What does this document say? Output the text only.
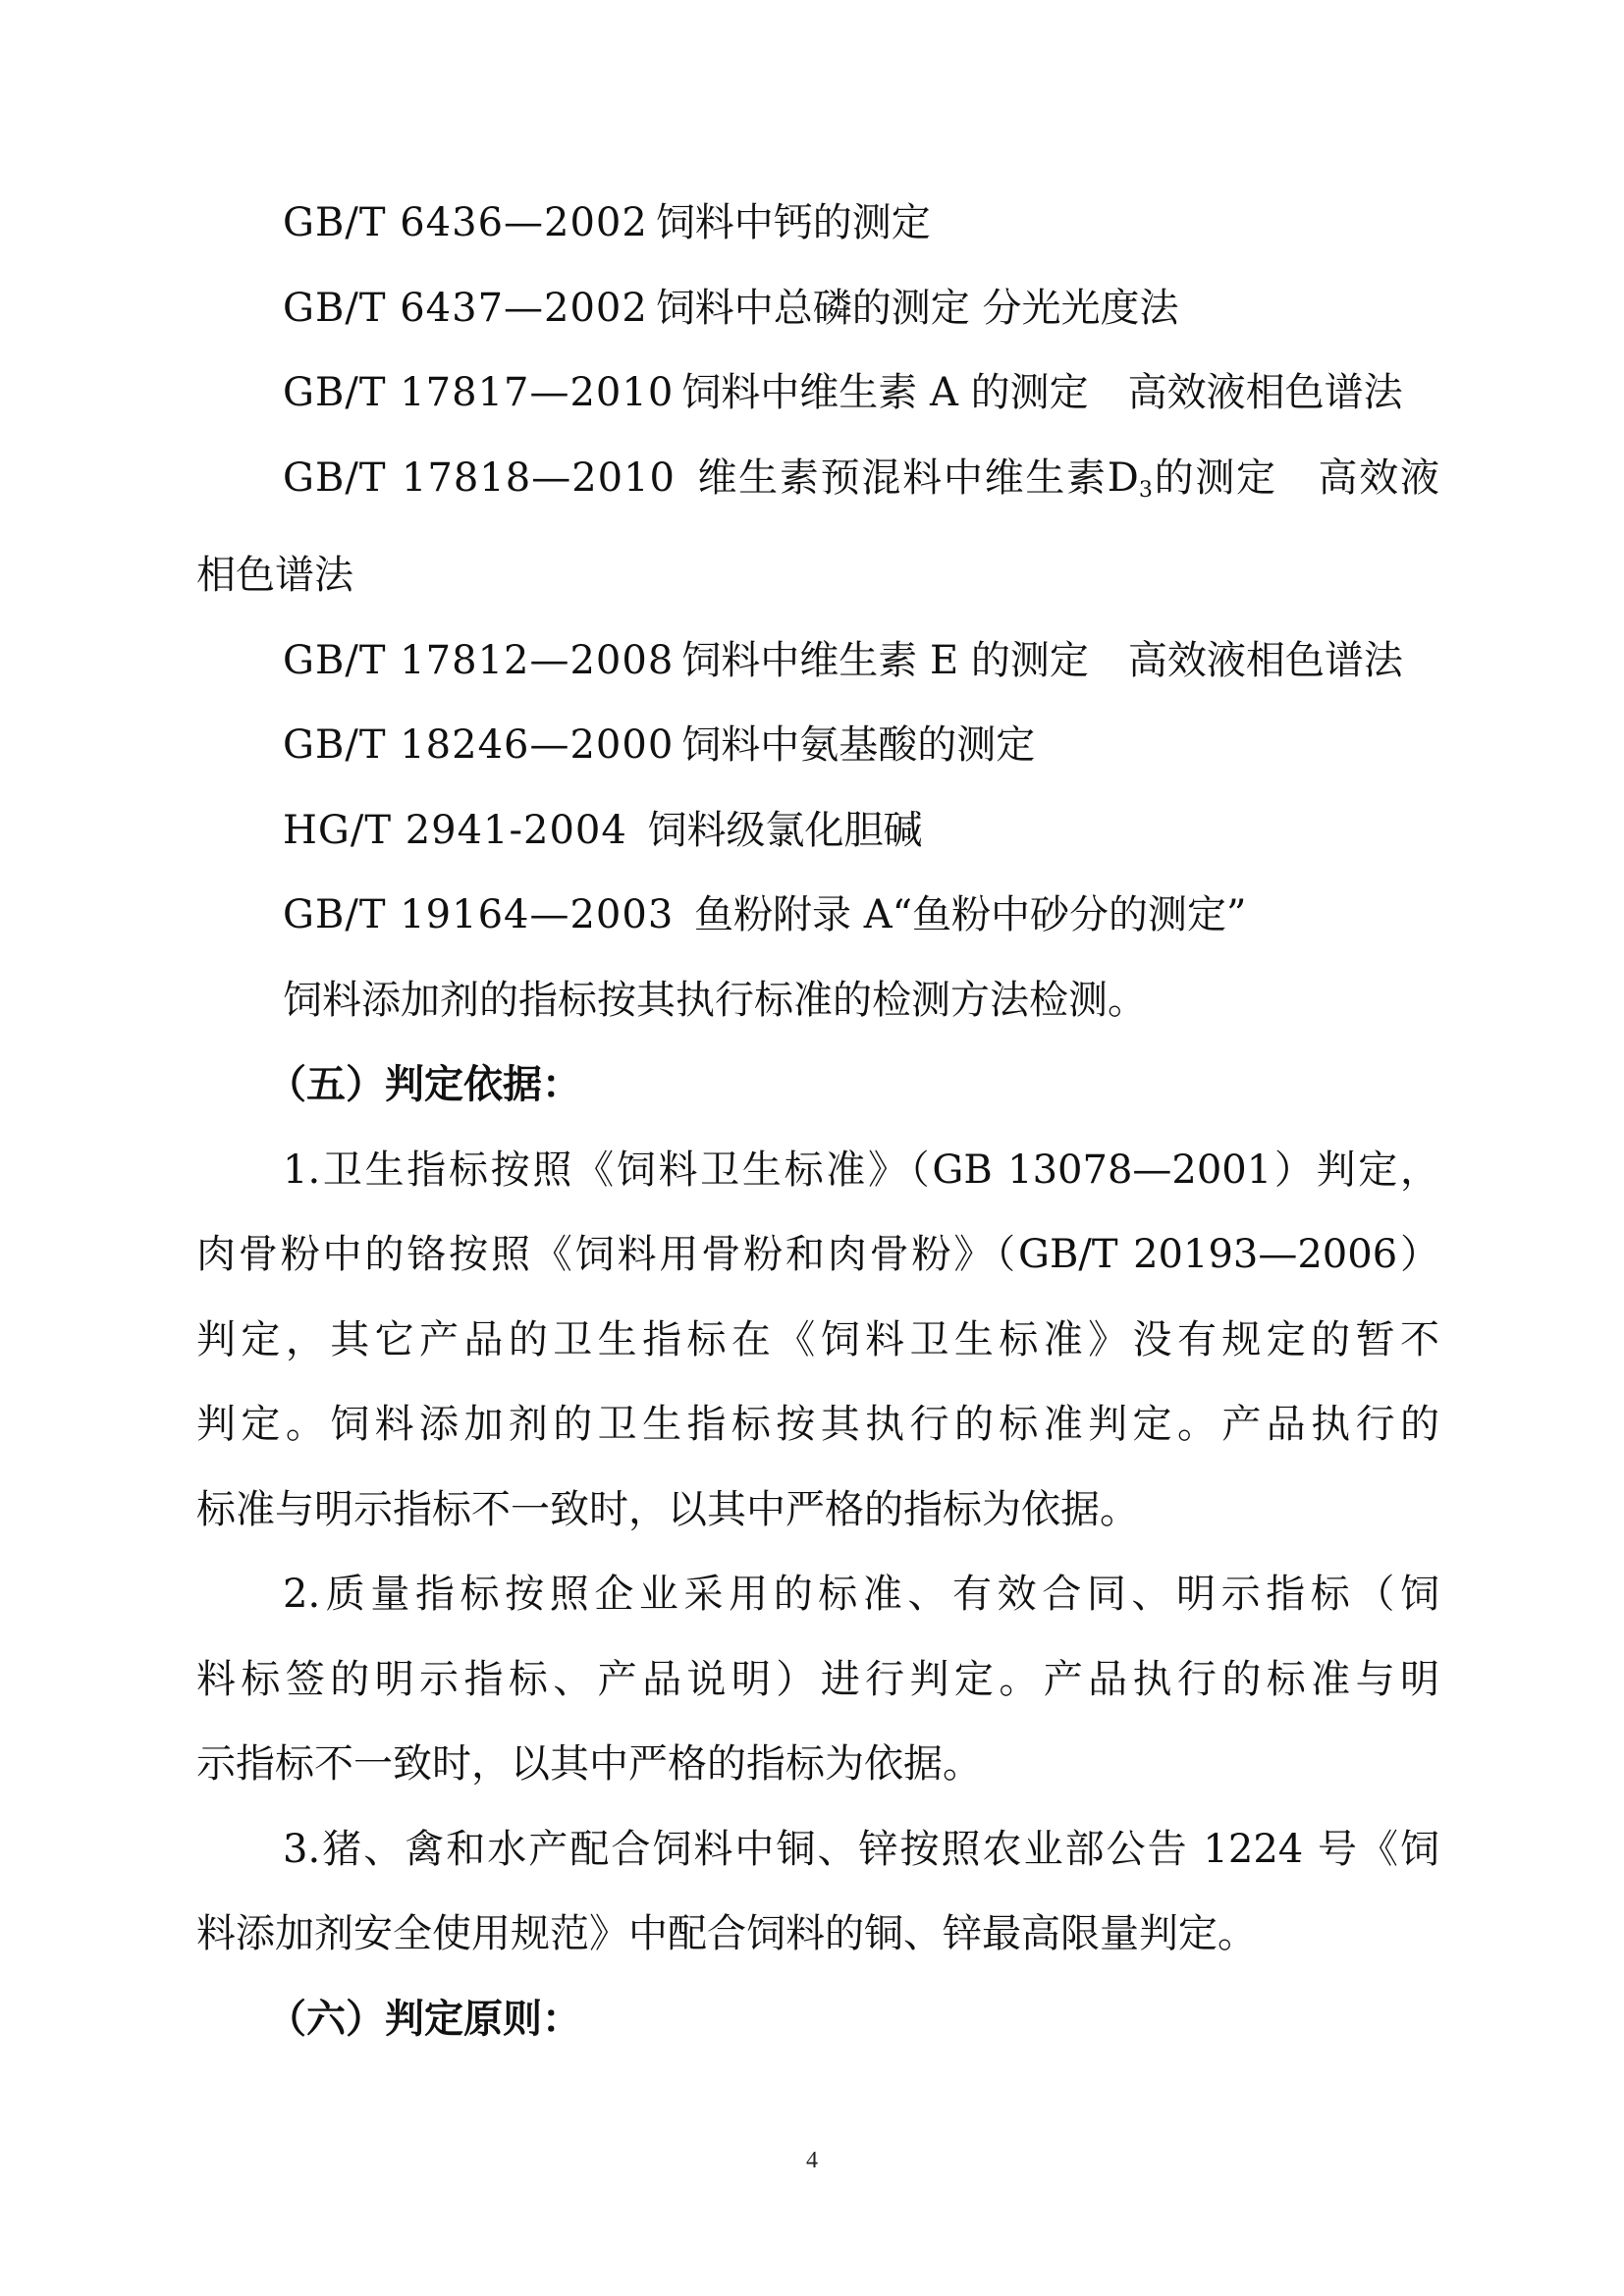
GB/T 6436—2002 饲料中钙的测定

GB/T 6437—2002 饲料中总磷的测定 分光光度法

GB/T 17817—2010 饲料中维生素 A 的测定　高效液相色谱法

GB/T 17818—2010 维生素预混料中维生素$D_3$的测定　高效液

相色谱法

GB/T 17812—2008 饲料中维生素 E 的测定　高效液相色谱法

GB/T 18246—2000 饲料中氨基酸的测定

HG/T 2941-2004 饲料级氯化胆碱

GB/T 19164—2003 鱼粉附录 A“鱼粉中砂分的测定”

饲料添加剂的指标按其执行标准的检测方法检测。

（五）判定依据：

1.卫生指标按照《饲料卫生标准》（GB 13078—2001）判定，

肉骨粉中的铬按照《饲料用骨粉和肉骨粉》（GB/T 20193—2006）

判定，其它产品的卫生指标在《饲料卫生标准》没有规定的暂不

判定。饲料添加剂的卫生指标按其执行的标准判定。产品执行的

标准与明示指标不一致时，以其中严格的指标为依据。

2.质量指标按照企业采用的标准、有效合同、明示指标（饲

料标签的明示指标、产品说明）进行判定。产品执行的标准与明

示指标不一致时，以其中严格的指标为依据。

3.猪、禽和水产配合饲料中铜、锌按照农业部公告 1224 号《饲

料添加剂安全使用规范》中配合饲料的铜、锌最高限量判定。

（六）判定原则：

4
